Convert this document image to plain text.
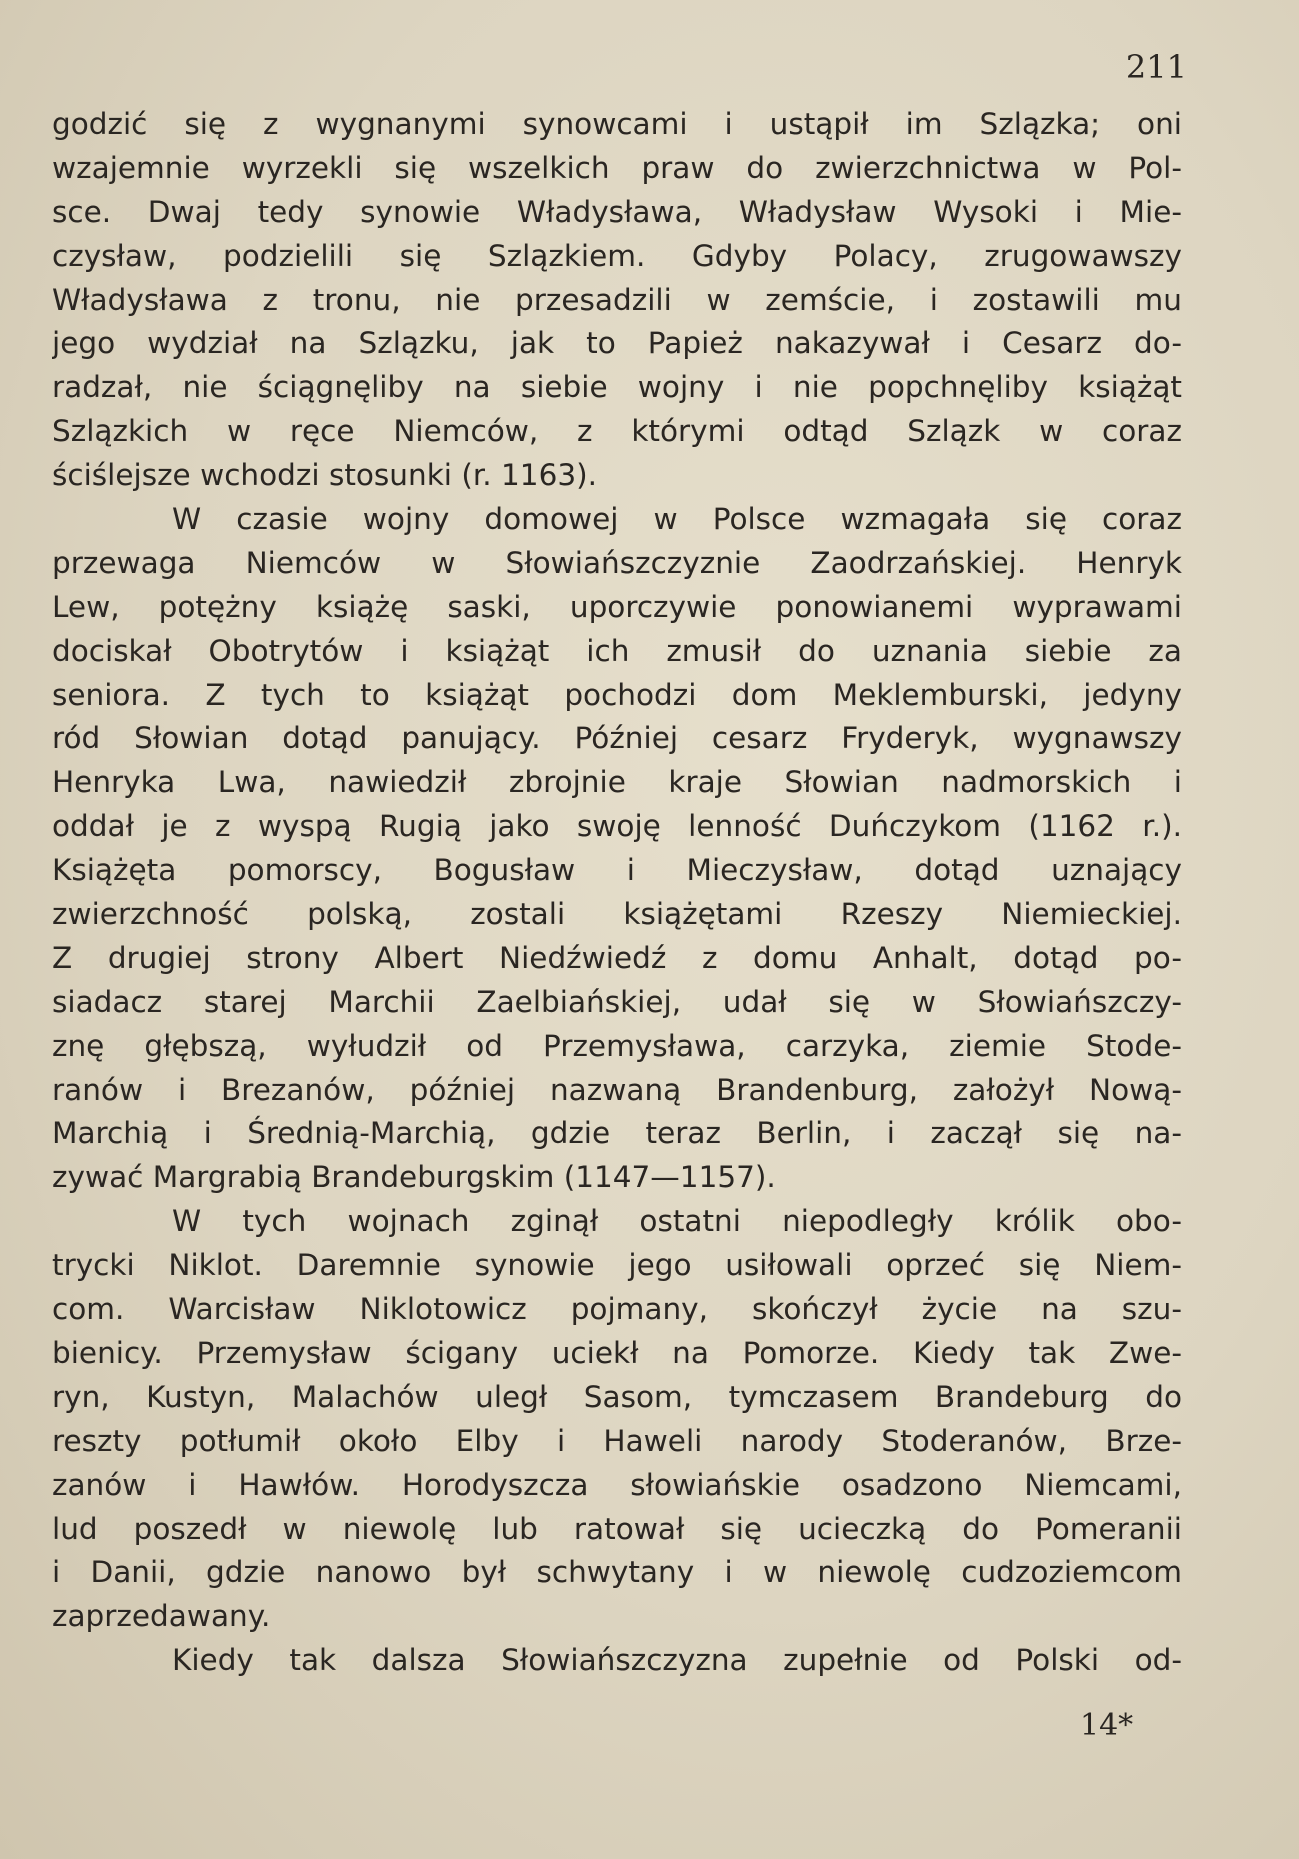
211

godzić się z wygnanymi synowcami i ustąpił im Szlązka; oni
wzajemnie wyrzekli się wszelkich praw do zwierzchnictwa w Pol-
sce. Dwaj tedy synowie Władysława, Władysław Wysoki i Mie-
czysław, podzielili się Szlązkiem. Gdyby Polacy, zrugowawszy
Władysława z tronu, nie przesadzili w zemście, i zostawili mu
jego wydział na Szlązku, jak to Papież nakazywał i Cesarz do-
radzał, nie ściągnęliby na siebie wojny i nie popchnęliby książąt
Szlązkich w ręce Niemców, z którymi odtąd Szlązk w coraz
ściślejsze wchodzi stosunki (r. 1163).
W czasie wojny domowej w Polsce wzmagała się coraz
przewaga Niemców w Słowiańszczyznie Zaodrzańskiej. Henryk
Lew, potężny książę saski, uporczywie ponowianemi wyprawami
dociskał Obotrytów i książąt ich zmusił do uznania siebie za
seniora. Z tych to książąt pochodzi dom Meklemburski, jedyny
ród Słowian dotąd panujący. Później cesarz Fryderyk, wygnawszy
Henryka Lwa, nawiedził zbrojnie kraje Słowian nadmorskich i
oddał je z wyspą Rugią jako swoję lenność Duńczykom (1162 r.).
Książęta pomorscy, Bogusław i Mieczysław, dotąd uznający
zwierzchność polską, zostali książętami Rzeszy Niemieckiej.
Z drugiej strony Albert Niedźwiedź z domu Anhalt, dotąd po-
siadacz starej Marchii Zaelbiańskiej, udał się w Słowiańszczy-
znę głębszą, wyłudził od Przemysława, carzyka, ziemie Stode-
ranów i Brezanów, później nazwaną Brandenburg, założył Nową-
Marchią i Średnią-Marchią, gdzie teraz Berlin, i zaczął się na-
zywać Margrabią Brandeburgskim (1147—1157).
W tych wojnach zginął ostatni niepodległy królik obo-
trycki Niklot. Daremnie synowie jego usiłowali oprzeć się Niem-
com. Warcisław Niklotowicz pojmany, skończył życie na szu-
bienicy. Przemysław ścigany uciekł na Pomorze. Kiedy tak Zwe-
ryn, Kustyn, Malachów uległ Sasom, tymczasem Brandeburg do
reszty potłumił około Elby i Haweli narody Stoderanów, Brze-
zanów i Hawłów. Horodyszcza słowiańskie osadzono Niemcami,
lud poszedł w niewolę lub ratował się ucieczką do Pomeranii
i Danii, gdzie nanowo był schwytany i w niewolę cudzoziemcom
zaprzedawany.
Kiedy tak dalsza Słowiańszczyzna zupełnie od Polski od-
14*
